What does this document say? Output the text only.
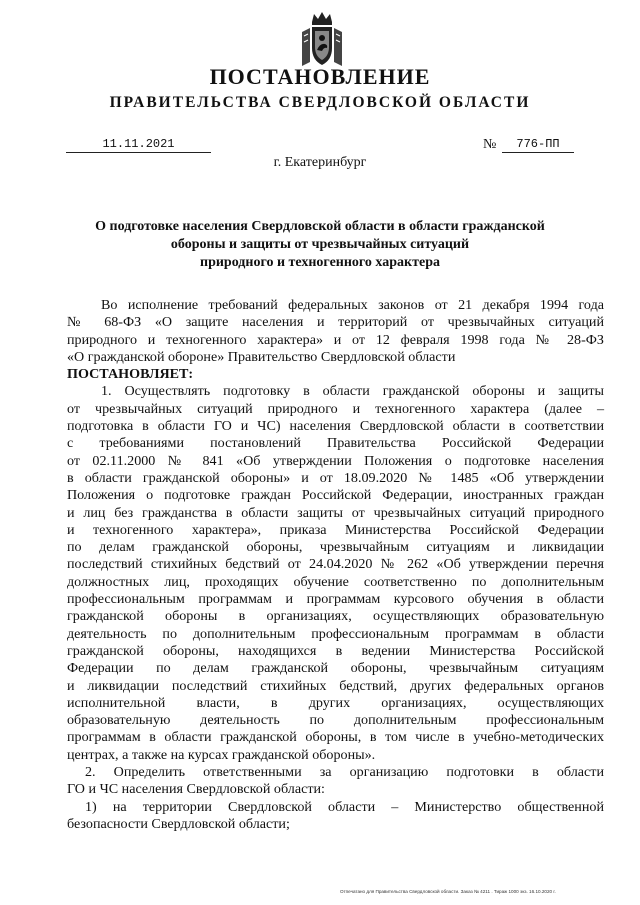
ПОСТАНОВЛЕНИЕ
ПРАВИТЕЛЬСТВА СВЕРДЛОВСКОЙ ОБЛАСТИ
11.11.2021	№	776-ПП
г. Екатеринбург
О подготовке населения Свердловской области в области гражданской
обороны и защиты от чрезвычайных ситуаций
природного и техногенного характера
Во исполнение требований федеральных законов от 21 декабря 1994 года
№ 68-ФЗ «О защите населения и территорий от чрезвычайных ситуаций
природного и техногенного характера» и от 12 февраля 1998 года № 28-ФЗ
«О гражданской обороне» Правительство Свердловской области
ПОСТАНОВЛЯЕТ:
1. Осуществлять подготовку в области гражданской обороны и защиты
от чрезвычайных ситуаций природного и техногенного характера (далее –
подготовка в области ГО и ЧС) населения Свердловской области в соответствии
с требованиями постановлений Правительства Российской Федерации
от 02.11.2000 № 841 «Об утверждении Положения о подготовке населения
в области гражданской обороны» и от 18.09.2020 № 1485 «Об утверждении
Положения о подготовке граждан Российской Федерации, иностранных граждан
и лиц без гражданства в области защиты от чрезвычайных ситуаций природного
и техногенного характера», приказа Министерства Российской Федерации
по делам гражданской обороны, чрезвычайным ситуациям и ликвидации
последствий стихийных бедствий от 24.04.2020 № 262 «Об утверждении перечня
должностных лиц, проходящих обучение соответственно по дополнительным
профессиональным программам и программам курсового обучения в области
гражданской обороны в организациях, осуществляющих образовательную
деятельность по дополнительным профессиональным программам в области
гражданской обороны, находящихся в ведении Министерства Российской
Федерации по делам гражданской обороны, чрезвычайным ситуациям
и ликвидации последствий стихийных бедствий, других федеральных органов
исполнительной власти, в других организациях, осуществляющих
образовательную деятельность по дополнительным профессиональным
программам в области гражданской обороны, в том числе в учебно-методических
центрах, а также на курсах гражданской обороны».
2. Определить ответственными за организацию подготовки в области
ГО и ЧС населения Свердловской области:
1) на территории Свердловской области – Министерство общественной
безопасности Свердловской области;
Отпечатано для Правительства Свердловской области. Заказ № 4211 . Тираж 1000 экз. 16.10.2020 г.
